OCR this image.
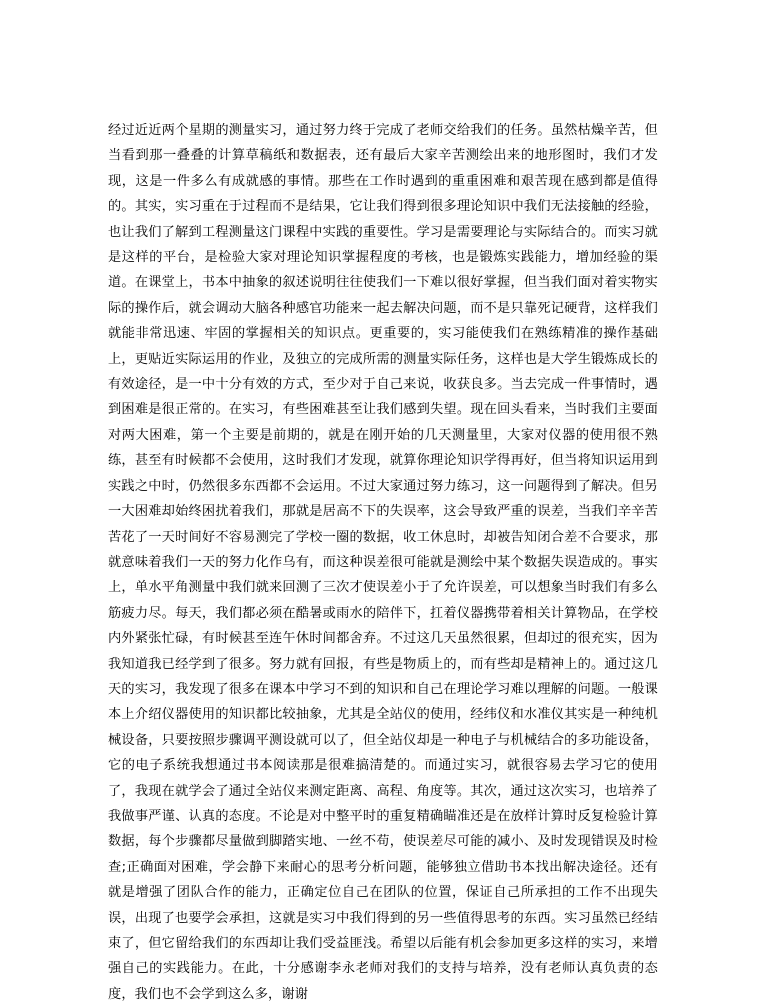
经过近近两个星期的测量实习，通过努力终于完成了老师交给我们的任务。虽然枯燥辛苦，但当看到那一叠叠的计算草稿纸和数据表，还有最后大家辛苦测绘出来的地形图时，我们才发现，这是一件多么有成就感的事情。那些在工作时遇到的重重困难和艰苦现在感到都是值得的。其实，实习重在于过程而不是结果，它让我们得到很多理论知识中我们无法接触的经验，也让我们了解到工程测量这门课程中实践的重要性。学习是需要理论与实际结合的。而实习就是这样的平台，是检验大家对理论知识掌握程度的考核，也是锻炼实践能力，增加经验的渠道。在课堂上，书本中抽象的叙述说明往往使我们一下难以很好掌握，但当我们面对着实物实际的操作后，就会调动大脑各种感官功能来一起去解决问题，而不是只靠死记硬背，这样我们就能非常迅速、牢固的掌握相关的知识点。更重要的，实习能使我们在熟练精准的操作基础上，更贴近实际运用的作业，及独立的完成所需的测量实际任务，这样也是大学生锻炼成长的有效途径，是一中十分有效的方式，至少对于自己来说，收获良多。当去完成一件事情时，遇到困难是很正常的。在实习，有些困难甚至让我们感到失望。现在回头看来，当时我们主要面对两大困难，第一个主要是前期的，就是在刚开始的几天测量里，大家对仪器的使用很不熟练，甚至有时候都不会使用，这时我们才发现，就算你理论知识学得再好，但当将知识运用到实践之中时，仍然很多东西都不会运用。不过大家通过努力练习，这一问题得到了解决。但另一大困难却始终困扰着我们，那就是居高不下的失误率，这会导致严重的误差，当我们辛辛苦苦花了一天时间好不容易测完了学校一圈的数据，收工休息时，却被告知闭合差不合要求，那就意味着我们一天的努力化作乌有，而这种误差很可能就是测绘中某个数据失误造成的。事实上，单水平角测量中我们就来回测了三次才使误差小于了允许误差，可以想象当时我们有多么筋疲力尽。每天，我们都必须在酷暑或雨水的陪伴下，扛着仪器携带着相关计算物品，在学校内外紧张忙碌，有时候甚至连午休时间都舍弃。不过这几天虽然很累，但却过的很充实，因为我知道我已经学到了很多。努力就有回报，有些是物质上的，而有些却是精神上的。通过这几天的实习，我发现了很多在课本中学习不到的知识和自己在理论学习难以理解的问题。一般课本上介绍仪器使用的知识都比较抽象，尤其是全站仪的使用，经纬仪和水准仪其实是一种纯机械设备，只要按照步骤调平测设就可以了，但全站仪却是一种电子与机械结合的多功能设备，它的电子系统我想通过书本阅读那是很难搞清楚的。而通过实习，就很容易去学习它的使用了，我现在就学会了通过全站仪来测定距离、高程、角度等。其次，通过这次实习，也培养了我做事严谨、认真的态度。不论是对中整平时的重复精确瞄准还是在放样计算时反复检验计算数据，每个步骤都尽量做到脚踏实地、一丝不苟，使误差尽可能的减小、及时发现错误及时检查;正确面对困难，学会静下来耐心的思考分析问题，能够独立借助书本找出解决途径。还有就是增强了团队合作的能力，正确定位自己在团队的位置，保证自己所承担的工作不出现失误，出现了也要学会承担，这就是实习中我们得到的另一些值得思考的东西。实习虽然已经结束了，但它留给我们的东西却让我们受益匪浅。希望以后能有机会参加更多这样的实习，来增强自己的实践能力。在此，十分感谢李永老师对我们的支持与培养，没有老师认真负责的态度，我们也不会学到这么多，谢谢
